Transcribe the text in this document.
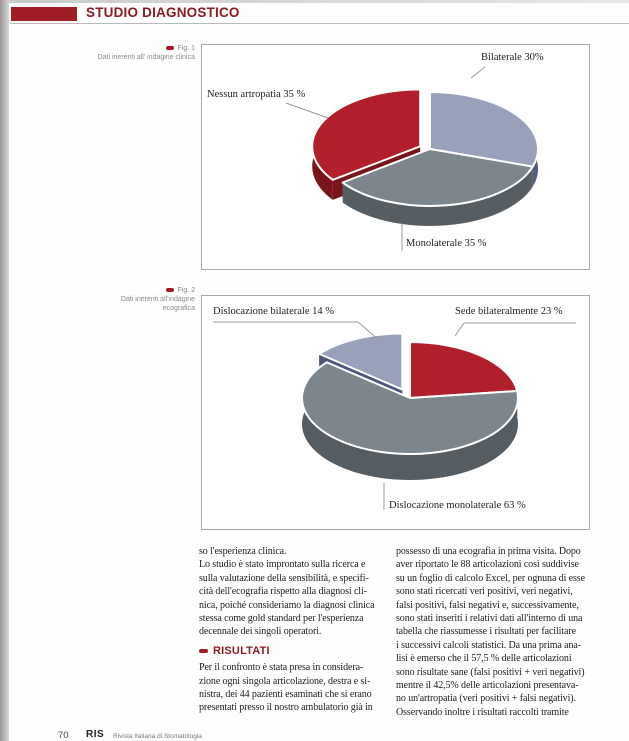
STUDIO DIAGNOSTICO
Fig. 1
Dati inerenti all' indagine clinica	Bilaterale 30%
Nessun artropatia 35 %
Monolaterale 35 %
Fig. 2
Dati inerenti all'indagine
ecografica	Sede bilateralmente 23 %
Dislocazione monolaterale 63 %
Dislocazione bilaterale 14 %
so l'esperienza clinica.
Lo studio è stato improntato sulla ricerca e
sulla valutazione della sensibilità, e specifi-
cità dell'ecografia rispetto alla diagnosi cli-
nica, poiché consideriamo la diagnosi clinica
stessa come gold standard per l'esperienza
decennale dei singoli operatori.
RISULTATI
Per il confronto è stata presa in considera-
zione ogni singola articolazione, destra e si-
nistra, dei 44 pazienti esaminati che si erano
presentati presso il nostro ambulatorio già in
possesso di una ecografia in prima visita. Dopo
aver riportato le 88 articolazioni così suddivise
su un foglio di calcolo Excel, per ognuna di esse
sono stati ricercati veri positivi, veri negativi,
falsi positivi, falsi negativi e, successivamente,
sono stati inseriti i relativi dati all'interno di una
tabella che riassumesse i risultati per facilitare
i successivi calcoli statistici. Da una prima ana-
lisi è emerso che il 57,5 % delle articolazioni
sono risultate sane (falsi positivi + veri negativi)
mentre il 42,5% delle articolazioni presentava-
no un'artropatia (veri positivi + falsi negativi).
Osservando inoltre i risultati raccolti tramite
70 RIS Rivista Italiana di Stomatologia
